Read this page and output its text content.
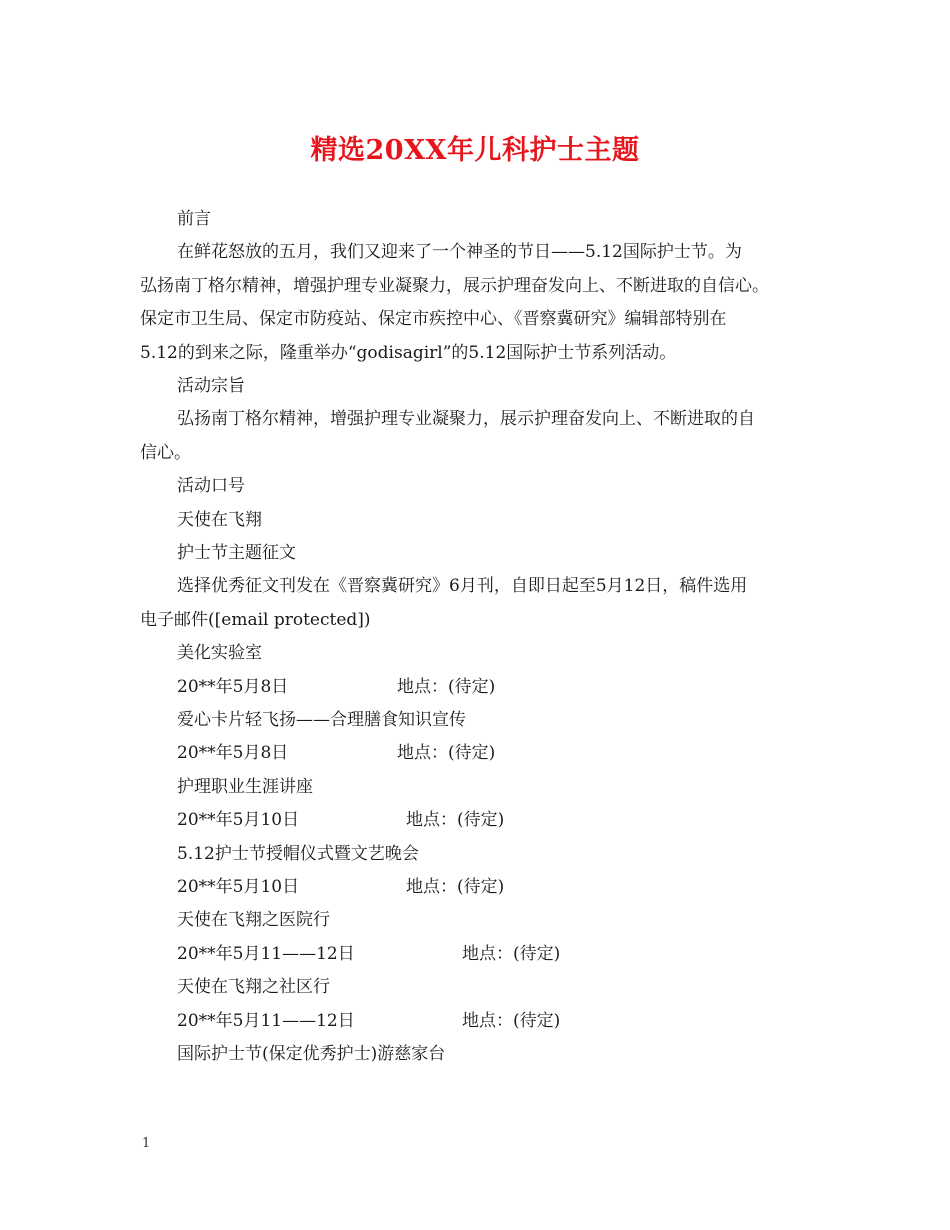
精选20XX年儿科护士主题
前言
在鲜花怒放的五月，我们又迎来了一个神圣的节日——5.12国际护士节。为
弘扬南丁格尔精神，增强护理专业凝聚力，展示护理奋发向上、不断进取的自信心。
保定市卫生局、保定市防疫站、保定市疾控中心、《晋察冀研究》编辑部特别在
5.12的到来之际，隆重举办“godisagirl”的5.12国际护士节系列活动。
活动宗旨
弘扬南丁格尔精神，增强护理专业凝聚力，展示护理奋发向上、不断进取的自
信心。
活动口号
天使在飞翔
护士节主题征文
选择优秀征文刊发在《晋察冀研究》6月刊，自即日起至5月12日，稿件选用
电子邮件([email protected])
美化实验室
20**年5月8日	地点：(待定)
爱心卡片轻飞扬——合理膳食知识宣传
20**年5月8日	地点：(待定)
护理职业生涯讲座
20**年5月10日	地点：(待定)
5.12护士节授帽仪式暨文艺晚会
20**年5月10日	地点：(待定)
天使在飞翔之医院行
20**年5月11——12日	地点：(待定)
天使在飞翔之社区行
20**年5月11——12日	地点：(待定)
国际护士节(保定优秀护士)游慈家台
1
